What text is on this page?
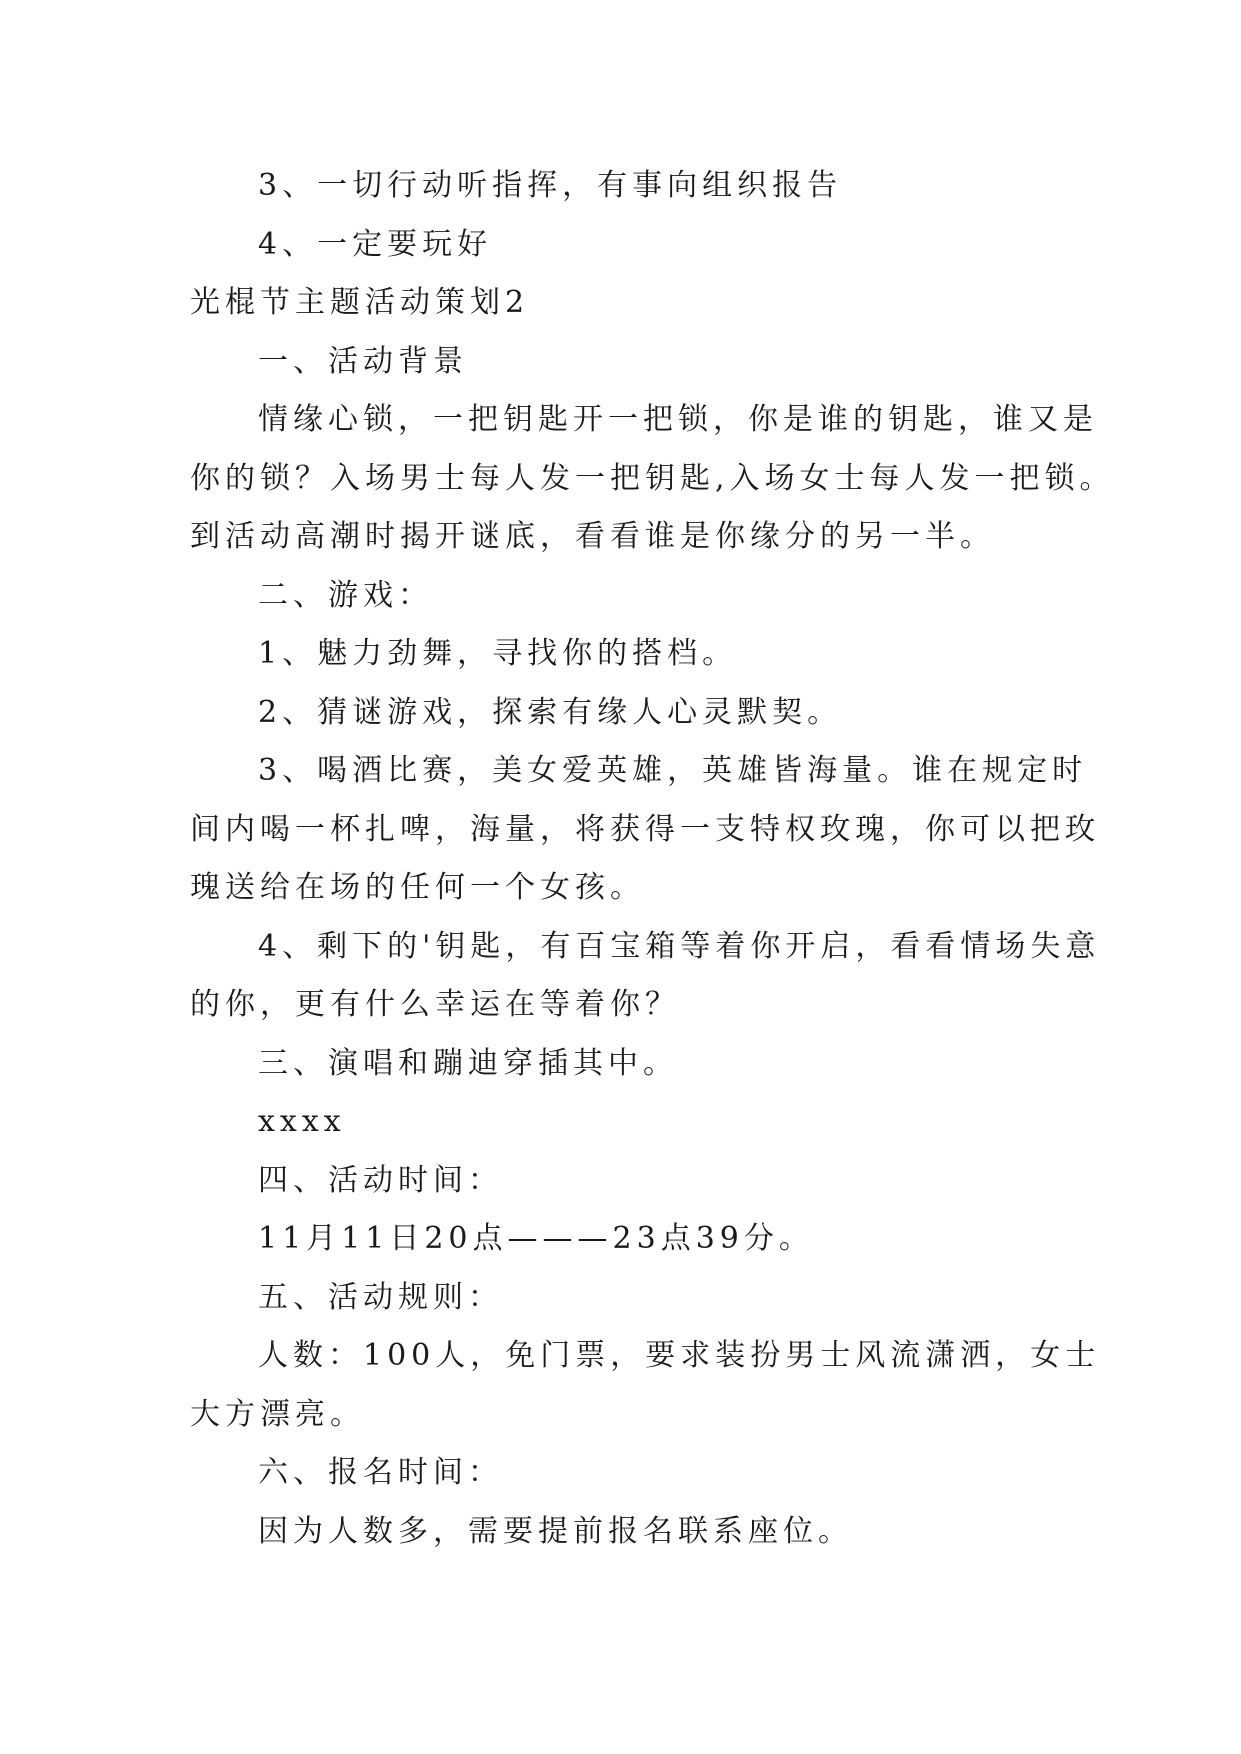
3、一切行动听指挥，有事向组织报告
4、一定要玩好
光棍节主题活动策划2
一、活动背景
情缘心锁，一把钥匙开一把锁，你是谁的钥匙，谁又是
你的锁？入场男士每人发一把钥匙,入场女士每人发一把锁。
到活动高潮时揭开谜底，看看谁是你缘分的另一半。
二、游戏：
1、魅力劲舞，寻找你的搭档。
2、猜谜游戏，探索有缘人心灵默契。
3、喝酒比赛，美女爱英雄，英雄皆海量。谁在规定时
间内喝一杯扎啤，海量，将获得一支特权玫瑰，你可以把玫
瑰送给在场的任何一个女孩。
4、剩下的'钥匙，有百宝箱等着你开启，看看情场失意
的你，更有什么幸运在等着你？
三、演唱和蹦迪穿插其中。
xxxx
四、活动时间：
11月11日20点———23点39分。
五、活动规则：
人数：100人，免门票，要求装扮男士风流潇洒，女士
大方漂亮。
六、报名时间：
因为人数多，需要提前报名联系座位。
